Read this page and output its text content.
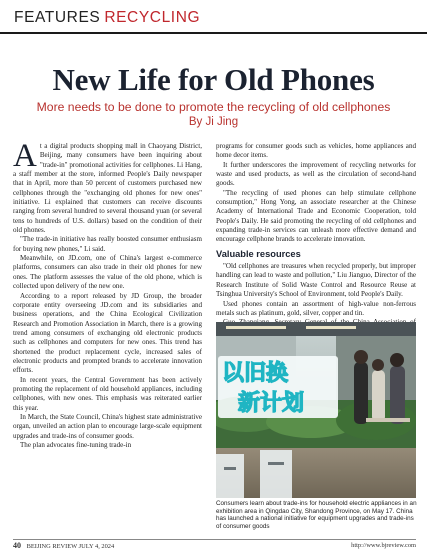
FEATURES RECYCLING
New Life for Old Phones
More needs to be done to promote the recycling of old cellphones
By Ji Jing
A t a digital products shopping mall in Chaoyang District, Beijing, many consumers have been inquiring about "trade-in" promotional activities for cellphones. Li Hang, a staff member at the store, informed People's Daily newspaper that in April, more than 50 percent of customers purchased new cellphones through the "exchanging old phones for new ones" initiative. Li explained that customers can receive discounts ranging from several hundred to several thousand yuan (or several tens to hundreds of U.S. dollars) based on the condition of their old phones.

"The trade-in initiative has really boosted consumer enthusiasm for buying new phones," Li said.

Meanwhile, on JD.com, one of China's largest e-commerce platforms, consumers can also trade in their old phones for new ones. The platform assesses the value of the old phone, which is collected upon delivery of the new one.

According to a report released by JD Group, the broader corporate entity overseeing JD.com and its subsidiaries and business operations, and the China Ecological Civilization Research and Promotion Association in March, there is a growing trend among consumers of exchanging old electronic products such as cellphones and computers for new ones. This trend has shortened the product replacement cycle, increased sales of electronic products and prompted brands to accelerate innovation efforts.

In recent years, the Central Government has been actively promoting the replacement of old household appliances, including cellphones, with new ones. This emphasis was reiterated earlier this year.

In March, the State Council, China's highest state administrative organ, unveiled an action plan to encourage large-scale equipment upgrades and trade-ins of consumer goods.

The plan advocates fine-tuning trade-in

programs for consumer goods such as vehicles, home appliances and home decor items.

It further underscores the improvement of recycling networks for waste and used products, as well as the circulation of second-hand goods.

"The recycling of used phones can help stimulate cellphone consumption," Hong Yong, an associate researcher at the Chinese Academy of International Trade and Economic Cooperation, told People's Daily. He said promoting the recycling of old cellphones and expanding trade-in services can unleash more effective demand and encourage cellphone brands to accelerate innovation.

Valuable resources

"Old cellphones are treasures when recycled properly, but improper handling can lead to waste and pollution," Liu Jianguo, Director of the Research Institute of Solid Waste Control and Resource Reuse at Tsinghua University's School of Environment, told People's Daily.

Used phones contain an assortment of high-value non-ferrous metals such as platinum, gold, silver, copper and tin.

以旧换
新计划
Consumers learn about trade-ins for household electric appliances in an exhibition area in Qingdao City, Shandong Province, on May 17. China has launched a national initiative for equipment upgrades and trade-ins of consumer goods
40 BEIJING REVIEW JULY 4, 2024	http://www.bjreview.com
